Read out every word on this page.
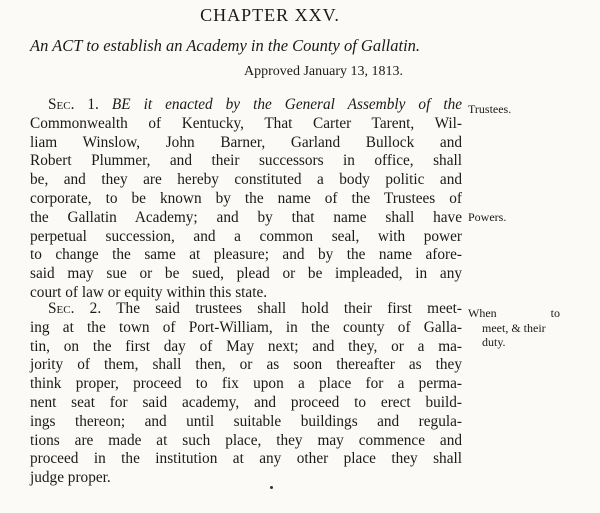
CHAPTER XXV.
An ACT to establish an Academy in the County of Gallatin.
Approved January 13, 1813.
Sec. 1. BE it enacted by the General Assembly of the
Commonwealth of Kentucky, That Carter Tarent, Wil-
liam Winslow, John Barner, Garland Bullock and
Robert Plummer, and their successors in office, shall
be, and they are hereby constituted a body politic and
corporate, to be known by the name of the Trustees of
the Gallatin Academy; and by that name shall have
perpetual succession, and a common seal, with power
to change the same at pleasure; and by the name afore-
said may sue or be sued, plead or be impleaded, in any
court of law or equity within this state.
Sec. 2. The said trustees shall hold their first meet-
ing at the town of Port-William, in the county of Galla-
tin, on the first day of May next; and they, or a ma-
jority of them, shall then, or as soon thereafter as they
think proper, proceed to fix upon a place for a perma-
nent seat for said academy, and proceed to erect build-
ings thereon; and until suitable buildings and regula-
tions are made at such place, they may commence and
proceed in the institution at any other place they shall
judge proper.
Trustees.
Powers.
When	to
meet, & their
duty.
